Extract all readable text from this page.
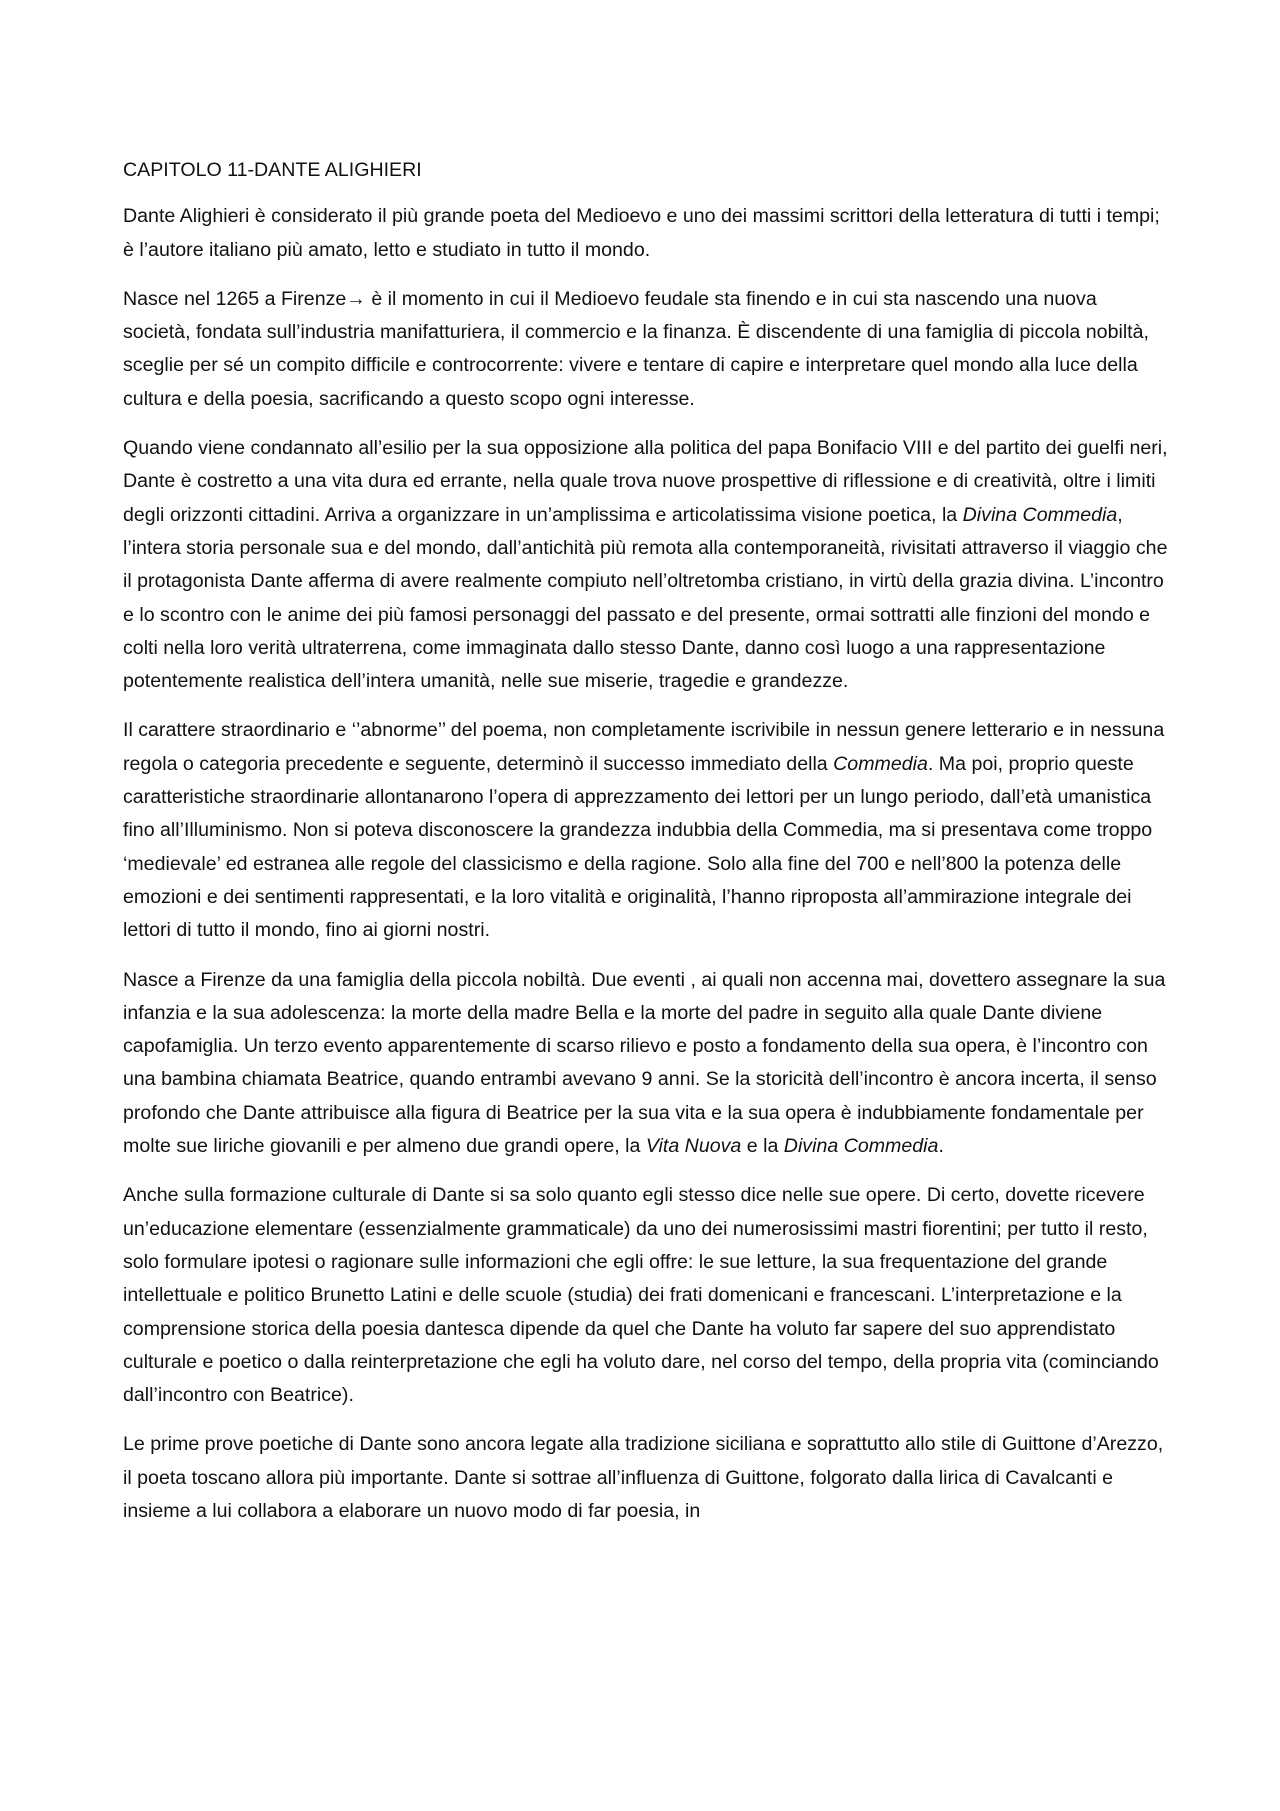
CAPITOLO 11-DANTE ALIGHIERI

Dante Alighieri è considerato il più grande poeta del Medioevo e uno dei massimi scrittori della letteratura di tutti i tempi; è l’autore italiano più amato, letto e studiato in tutto il mondo.

Nasce nel 1265 a Firenze→ è il momento in cui il Medioevo feudale sta finendo e in cui sta nascendo una nuova società, fondata sull’industria manifatturiera, il commercio e la finanza. È discendente di una famiglia di piccola nobiltà, sceglie per sé un compito difficile e controcorrente: vivere e tentare di capire e interpretare quel mondo alla luce della cultura e della poesia, sacrificando a questo scopo ogni interesse.

Quando viene condannato all’esilio per la sua opposizione alla politica del papa Bonifacio VIII e del partito dei guelfi neri, Dante è costretto a una vita dura ed errante, nella quale trova nuove prospettive di riflessione e di creatività, oltre i limiti degli orizzonti cittadini. Arriva a organizzare in un’amplissima e articolatissima visione poetica, la Divina Commedia, l’intera storia personale sua e del mondo, dall’antichità più remota alla contemporaneità, rivisitati attraverso il viaggio che il protagonista Dante afferma di avere realmente compiuto nell’oltretomba cristiano, in virtù della grazia divina. L’incontro e lo scontro con le anime dei più famosi personaggi del passato e del presente, ormai sottratti alle finzioni del mondo e colti nella loro verità ultraterrena, come immaginata dallo stesso Dante, danno così luogo a una rappresentazione potentemente realistica dell’intera umanità, nelle sue miserie, tragedie e grandezze.

Il carattere straordinario e ‘’abnorme’’ del poema, non completamente iscrivibile in nessun genere letterario e in nessuna regola o categoria precedente e seguente, determinò il successo immediato della Commedia. Ma poi, proprio queste caratteristiche straordinarie allontanarono l’opera di apprezzamento dei lettori per un lungo periodo, dall’età umanistica fino all’Illuminismo. Non si poteva disconoscere la grandezza indubbia della Commedia, ma si presentava come troppo ‘medievale’ ed estranea alle regole del classicismo e della ragione. Solo alla fine del 700 e nell’800 la potenza delle emozioni e dei sentimenti rappresentati, e la loro vitalità e originalità, l’hanno riproposta all’ammirazione integrale dei lettori di tutto il mondo, fino ai giorni nostri.

Nasce a Firenze da una famiglia della piccola nobiltà. Due eventi , ai quali non accenna mai, dovettero assegnare la sua infanzia e la sua adolescenza: la morte della madre Bella e la morte del padre in seguito alla quale Dante diviene capofamiglia. Un terzo evento apparentemente di scarso rilievo e posto a fondamento della sua opera, è l’incontro con una bambina chiamata Beatrice, quando entrambi avevano 9 anni. Se la storicità dell’incontro è ancora incerta, il senso profondo che Dante attribuisce alla figura di Beatrice per la sua vita e la sua opera è indubbiamente fondamentale per molte sue liriche giovanili e per almeno due grandi opere, la Vita Nuova e la Divina Commedia.

Anche sulla formazione culturale di Dante si sa solo quanto egli stesso dice nelle sue opere. Di certo, dovette ricevere un’educazione elementare (essenzialmente grammaticale) da uno dei numerosissimi mastri fiorentini; per tutto il resto, solo formulare ipotesi o ragionare sulle informazioni che egli offre: le sue letture, la sua frequentazione del grande intellettuale e politico Brunetto Latini e delle scuole (studia) dei frati domenicani e francescani. L’interpretazione e la comprensione storica della poesia dantesca dipende da quel che Dante ha voluto far sapere del suo apprendistato culturale e poetico o dalla reinterpretazione che egli ha voluto dare, nel corso del tempo, della propria vita (cominciando dall’incontro con Beatrice).

Le prime prove poetiche di Dante sono ancora legate alla tradizione siciliana e soprattutto allo stile di Guittone d’Arezzo, il poeta toscano allora più importante. Dante si sottrae all’influenza di Guittone, folgorato dalla lirica di Cavalcanti e insieme a lui collabora a elaborare un nuovo modo di far poesia, in
